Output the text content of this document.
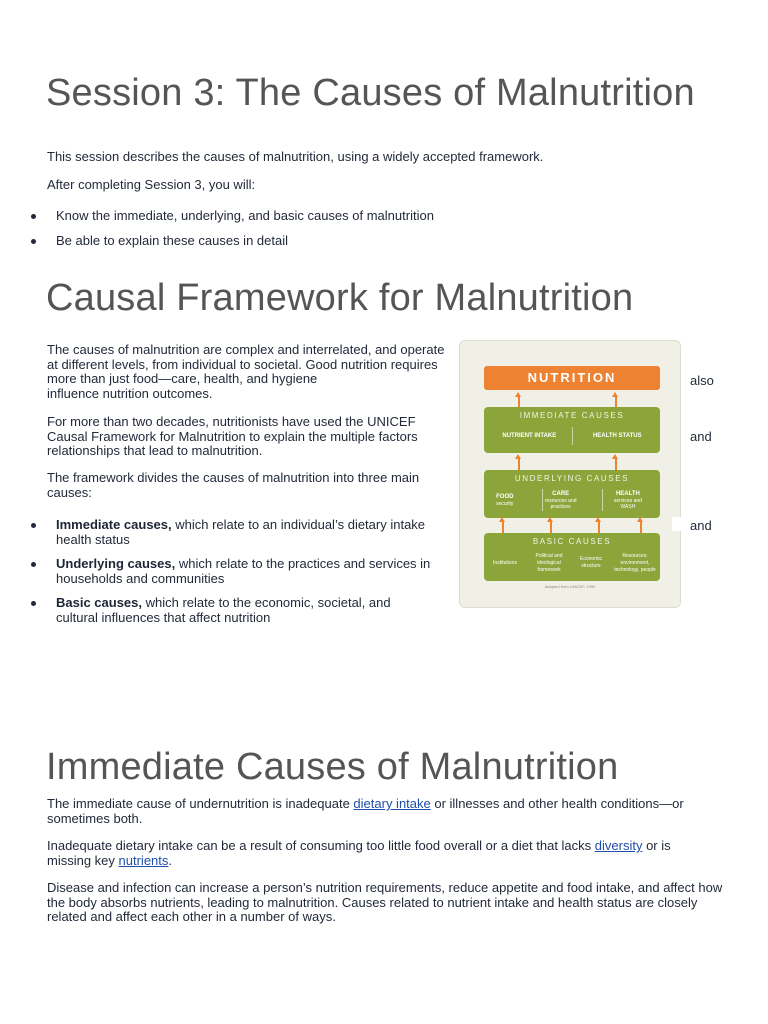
Session 3: The Causes of Malnutrition

This session describes the causes of malnutrition, using a widely accepted framework.

After completing Session 3, you will:

Know the immediate, underlying, and basic causes of malnutrition

Be able to explain these causes in detail

Causal Framework for Malnutrition

The causes of malnutrition are complex and interrelated, and operate at different levels, from individual to societal. Good nutrition requires more than just food—care, health, and hygiene	also

influence nutrition outcomes.

For more than two decades, nutritionists have used the UNICEF Causal Framework for Malnutrition to explain the multiple factors	and

relationships that lead to malnutrition.

The framework divides the causes of malnutrition into three main causes:

Immediate causes, which relate to an individual’s dietary intake
health status

and

Underlying causes, which relate to the practices and services in
households and communities

Basic causes, which relate to the economic, societal, and
cultural influences that affect nutrition

NUTRITION
IMMEDIATE CAUSES
NUTRIENT INTAKE	HEALTH STATUS
UNDERLYING CAUSES
FOOD
security
CARE
resources and practices
HEALTH
services and WASH
BASIC CAUSES
Institutions
Political and ideological framework
Economic structure
Resources: environment, technology, people
Adapted from UNICEF, 1990
Immediate Causes of Malnutrition

The immediate cause of undernutrition is inadequate dietary intake or illnesses and other health conditions—or
sometimes both.

Inadequate dietary intake can be a result of consuming too little food overall or a diet that lacks diversity or is
missing key nutrients.

Disease and infection can increase a person’s nutrition requirements, reduce appetite and food intake, and affect how the body absorbs nutrients, leading to malnutrition. Causes related to nutrient intake and health status are closely related and affect each other in a number of ways.
